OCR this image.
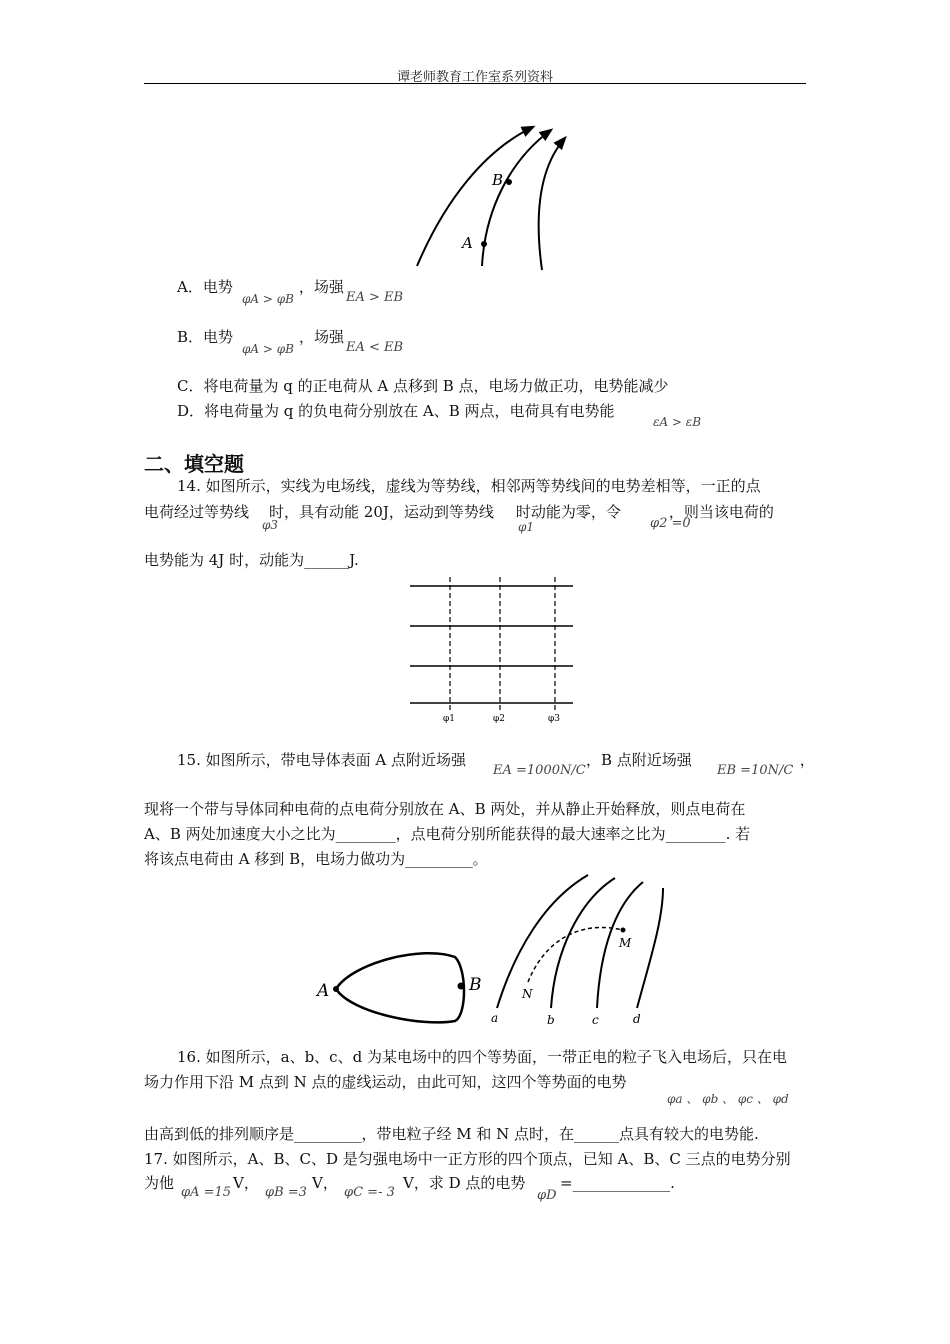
谭老师教育工作室系列资料
B
A
A．电势	，场强
φA > φB	EA > EB
B．电势	，场强
φA > φB	EA < EB
C．将电荷量为 q 的正电荷从 A 点移到 B 点，电场力做正功，电势能减少
D．将电荷量为 q 的负电荷分别放在 A、B 两点，电荷具有电势能
εA > εB
二、填空题
14. 如图所示，实线为电场线，虚线为等势线，相邻两等势线间的电势差相等，一正的点
电荷经过等势线 时，具有动能 20J，运动到等势线 时动能为零，令	，则当该电荷的
φ3	φ1	φ2 =0
电势能为 4J 时，动能为______J.
φ1	φ2	φ3
15. 如图所示，带电导体表面 A 点附近场强	，B 点附近场强	，
EA =1000N/C	EB =10N/C
现将一个带与导体同种电荷的点电荷分别放在 A、B 两处，并从静止开始释放，则点电荷在
A、B 两处加速度大小之比为________，点电荷分别所能获得的最大速率之比为________. 若
将该点电荷由 A 移到 B，电场力做功为_________。
A	B
M
N
a	b	c	d
16. 如图所示，a、b、c、d 为某电场中的四个等势面，一带正电的粒子飞入电场后，只在电
场力作用下沿 M 点到 N 点的虚线运动，由此可知，这四个等势面的电势
φa 、 φb 、 φc 、 φd
由高到低的排列顺序是_________，带电粒子经 M 和 N 点时，在______点具有较大的电势能.
17. 如图所示，A、B、C、D 是匀强电场中一正方形的四个顶点，已知 A、B、C 三点的电势分别
为他
φA =15
V，
φB =3
V，
φC =- 3
V，求 D 点的电势
φD
=_____________.
